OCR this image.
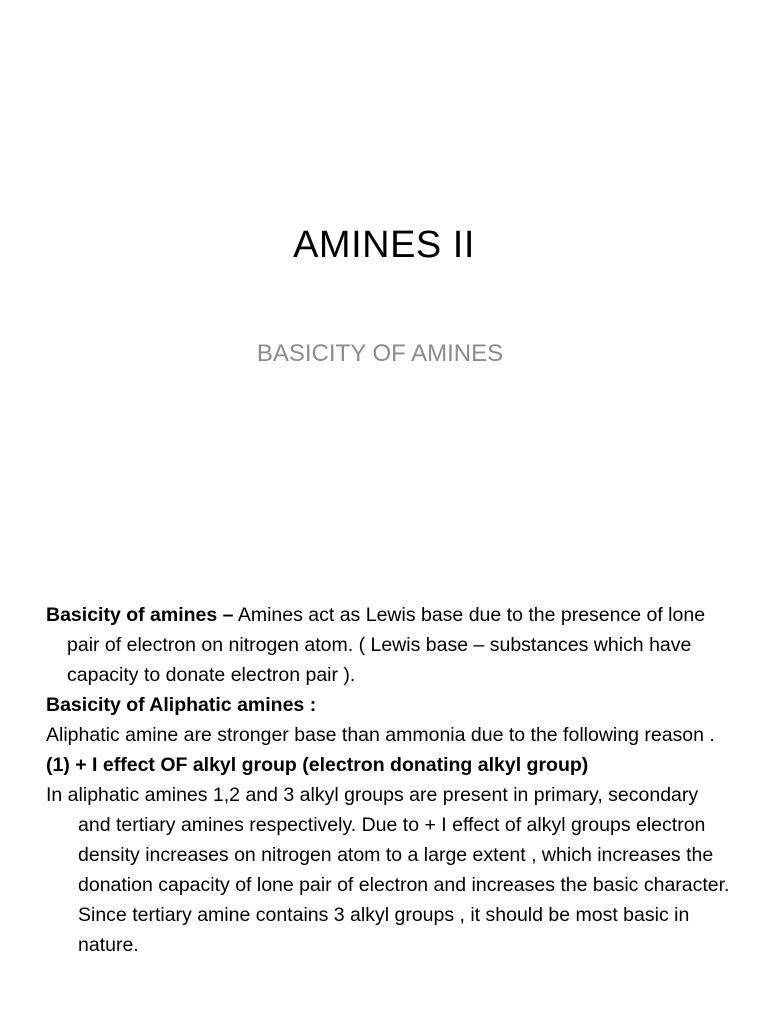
AMINES II
BASICITY OF AMINES

Basicity of amines – Amines act as Lewis base due to the presence of lone pair of electron on nitrogen atom. ( Lewis base – substances which have capacity to donate electron pair ).

Basicity of Aliphatic amines :

Aliphatic amine are stronger base than ammonia due to the following reason .

(1) + I effect OF alkyl group (electron donating alkyl group)

In aliphatic amines 1,2 and 3 alkyl groups are present in primary, secondary and tertiary amines respectively. Due to + I effect of alkyl groups electron density increases on nitrogen atom to a large extent , which increases the donation capacity of lone pair of electron and increases the basic character. Since tertiary amine contains 3 alkyl groups , it should be most basic in nature.
